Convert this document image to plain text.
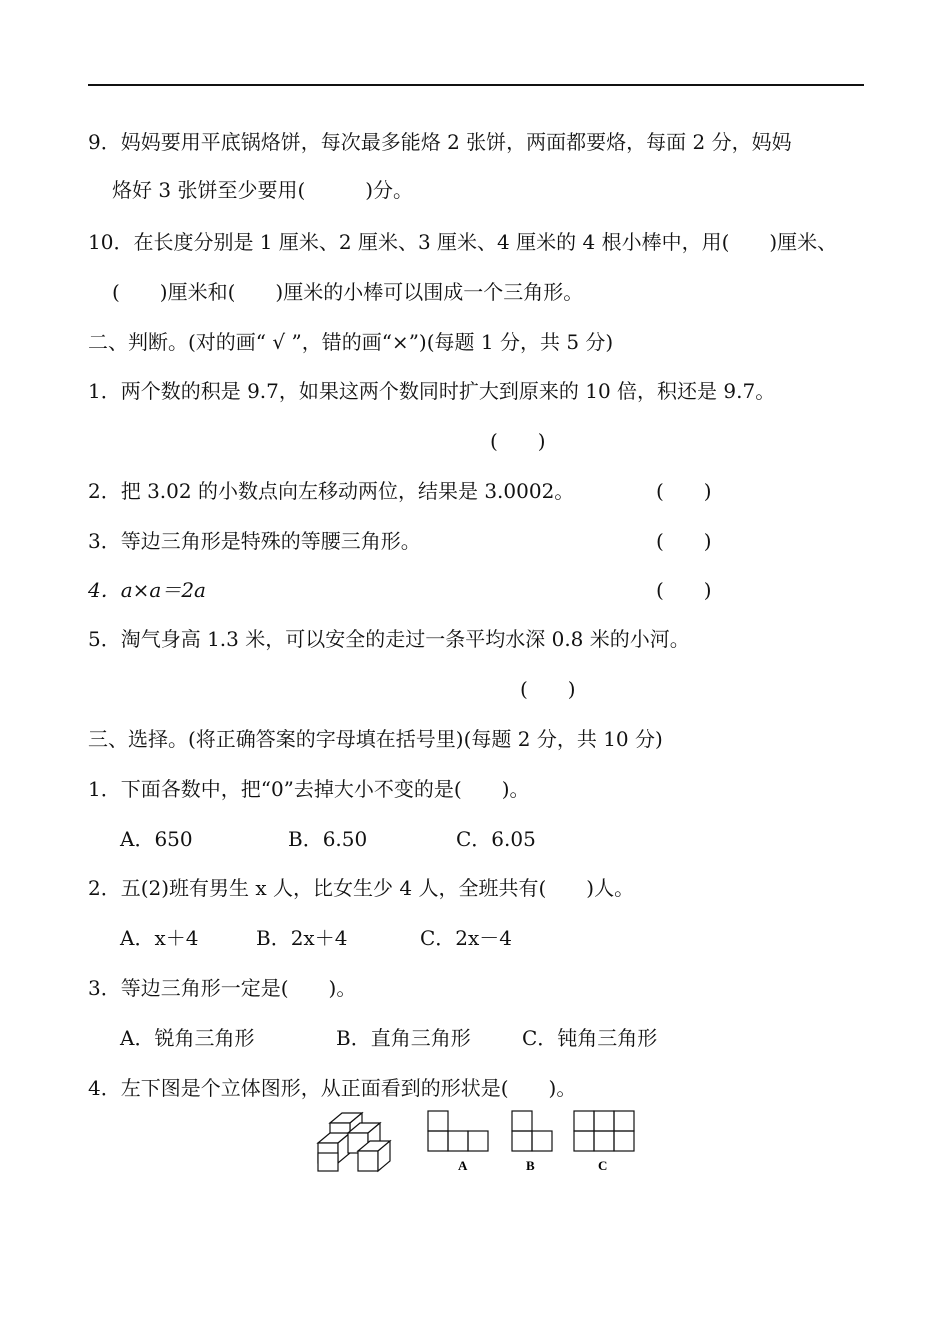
9．妈妈要用平底锅烙饼，每次最多能烙 2 张饼，两面都要烙，每面 2 分，妈妈
烙好 3 张饼至少要用(　　　)分。
10．在长度分别是 1 厘米、2 厘米、3 厘米、4 厘米的 4 根小棒中，用(　　)厘米、
(　　)厘米和(　　)厘米的小棒可以围成一个三角形。
二、判断。(对的画“ √ ”，错的画“×”)(每题 1 分，共 5 分)
1．两个数的积是 9.7，如果这两个数同时扩大到原来的 10 倍，积还是 9.7。
(　　)
2．把 3.02 的小数点向左移动两位，结果是 3.0002。	(　　)
3．等边三角形是特殊的等腰三角形。	(　　)
4．a×a＝2a	(　　)
5．淘气身高 1.3 米，可以安全的走过一条平均水深 0.8 米的小河。
(　　)
三、选择。(将正确答案的字母填在括号里)(每题 2 分，共 10 分)
1．下面各数中，把“0”去掉大小不变的是(　　)。
A．650	B．6.50	C．6.05
2．五(2)班有男生 x 人，比女生少 4 人，全班共有(　　)人。
A．x＋4	B．2x＋4	C．2x－4
3．等边三角形一定是(　　)。
A．锐角三角形	B．直角三角形	C．钝角三角形
4．左下图是个立体图形，从正面看到的形状是(　　)。
A	B	C
